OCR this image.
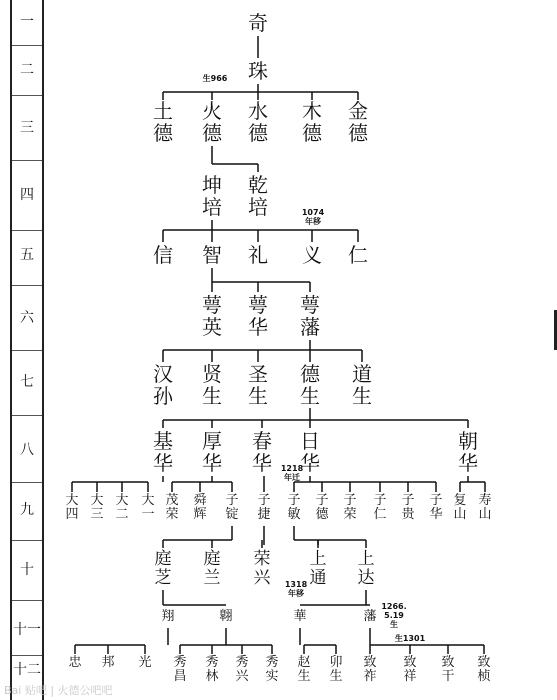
一
二
三
四
五
六
七
八
九
十
十一
十二
Bai 贴吧 | 火德公吧吧
奇
珠
生966
土
德
火
德
水
德
木
德
金
德
坤
培
乾
培	1074
年移
信 智 礼 义 仁
萼
英
萼
华
萼
藩
汉
孙
贤
生
圣
生
德
生
道
生
基
华
厚
华
春
华
日
华
朝
华
1218
年迁
大
四
大
三
大
二
大
一
茂
荣
舜
辉
子
锭
子
捷
子
敏
子
德
子
荣
子
仁
子
贵
子
华
复
山
寿
山
庭
芝
庭
兰
荣
兴
上
通
上
达
1318
年移
翔	翺	華	藩
1266.
5.19
生
生1301
忠 邦 光 秀
昌
秀
林
秀
兴
秀
实
赵
生
卯
生
致
祚
致
祥
致
干
致
桢
